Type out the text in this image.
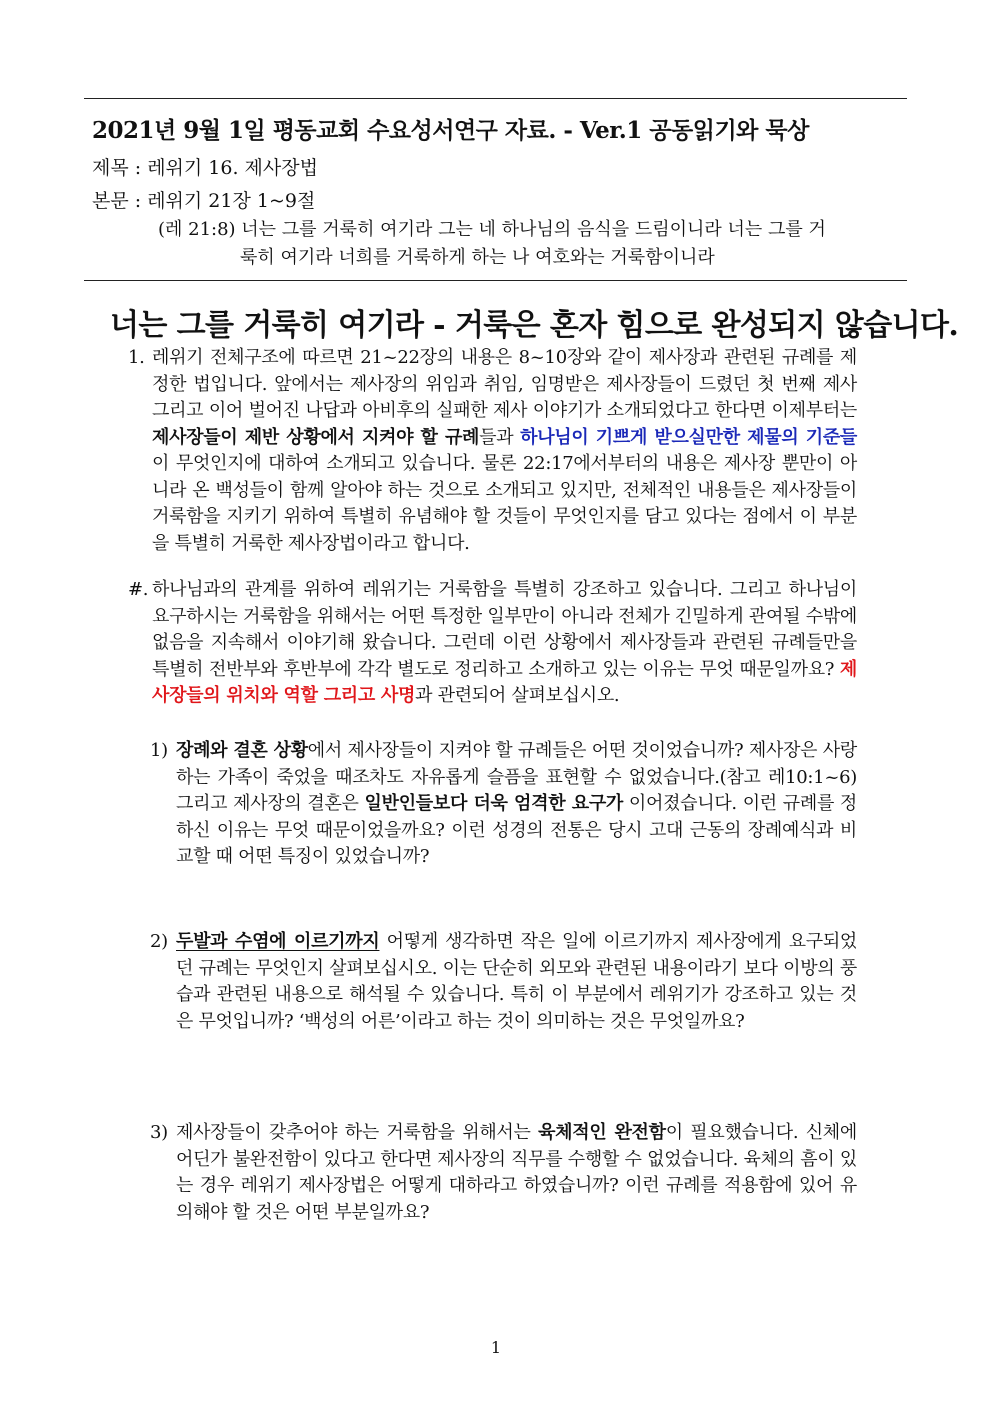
2021년 9월 1일 평동교회 수요성서연구 자료. - Ver.1 공동읽기와 묵상
제목 : 레위기 16. 제사장법
본문 : 레위기 21장 1~9절
(레 21:8) 너는 그를 거룩히 여기라 그는 네 하나님의 음식을 드림이니라 너는 그를 거
룩히 여기라 너희를 거룩하게 하는 나 여호와는 거룩함이니라
너는 그를 거룩히 여기라 - 거룩은 혼자 힘으로 완성되지 않습니다.
1. 레위기 전체구조에 따르면 21~22장의 내용은 8~10장와 같이 제사장과 관련된 규례를 제정한 법입니다. 앞에서는 제사장의 위임과 취임, 임명받은 제사장들이 드렸던 첫 번째 제사 그리고 이어 벌어진 나답과 아비후의 실패한 제사 이야기가 소개되었다고 한다면 이제부터는 제사장들이 제반 상황에서 지켜야 할 규례들과 하나님이 기쁘게 받으실만한 제물의 기준들이 무엇인지에 대하여 소개되고 있습니다. 물론 22:17에서부터의 내용은 제사장 뿐만이 아니라 온 백성들이 함께 알아야 하는 것으로 소개되고 있지만, 전체적인 내용들은 제사장들이 거룩함을 지키기 위하여 특별히 유념해야 할 것들이 무엇인지를 담고 있다는 점에서 이 부분을 특별히 거룩한 제사장법이라고 합니다.
#. 하나님과의 관계를 위하여 레위기는 거룩함을 특별히 강조하고 있습니다. 그리고 하나님이 요구하시는 거룩함을 위해서는 어떤 특정한 일부만이 아니라 전체가 긴밀하게 관여될 수밖에 없음을 지속해서 이야기해 왔습니다. 그런데 이런 상황에서 제사장들과 관련된 규례들만을 특별히 전반부와 후반부에 각각 별도로 정리하고 소개하고 있는 이유는 무엇 때문일까요? 제사장들의 위치와 역할 그리고 사명과 관련되어 살펴보십시오.
1) 장례와 결혼 상황에서 제사장들이 지켜야 할 규례들은 어떤 것이었습니까? 제사장은 사랑하는 가족이 죽었을 때조차도 자유롭게 슬픔을 표현할 수 없었습니다.(참고 레10:1~6) 그리고 제사장의 결혼은 일반인들보다 더욱 엄격한 요구가 이어졌습니다. 이런 규례를 정하신 이유는 무엇 때문이었을까요? 이런 성경의 전통은 당시 고대 근동의 장례예식과 비교할 때 어떤 특징이 있었습니까?
2) 두발과 수염에 이르기까지 어떻게 생각하면 작은 일에 이르기까지 제사장에게 요구되었던 규례는 무엇인지 살펴보십시오. 이는 단순히 외모와 관련된 내용이라기 보다 이방의 풍습과 관련된 내용으로 해석될 수 있습니다. 특히 이 부분에서 레위기가 강조하고 있는 것은 무엇입니까? ‘백성의 어른’이라고 하는 것이 의미하는 것은 무엇일까요?
3) 제사장들이 갖추어야 하는 거룩함을 위해서는 육체적인 완전함이 필요했습니다. 신체에 어딘가 불완전함이 있다고 한다면 제사장의 직무를 수행할 수 없었습니다. 육체의 흠이 있는 경우 레위기 제사장법은 어떻게 대하라고 하였습니까? 이런 규례를 적용함에 있어 유의해야 할 것은 어떤 부분일까요?
1
